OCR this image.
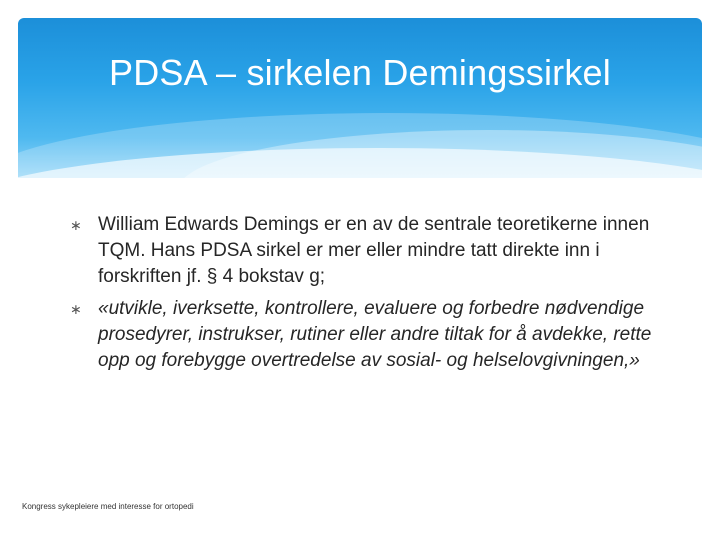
PDSA – sirkelen Demingssirkel
∗ William Edwards Demings er en av de sentrale teoretikerne innen TQM. Hans PDSA sirkel er mer eller mindre tatt direkte inn i forskriften jf. § 4 bokstav g;
∗ «utvikle, iverksette, kontrollere, evaluere og forbedre nødvendige prosedyrer, instrukser, rutiner eller andre tiltak for å avdekke, rette opp og forebygge overtredelse av sosial- og helselovgivningen,»
Kongress sykepleiere med interesse for ortopedi
